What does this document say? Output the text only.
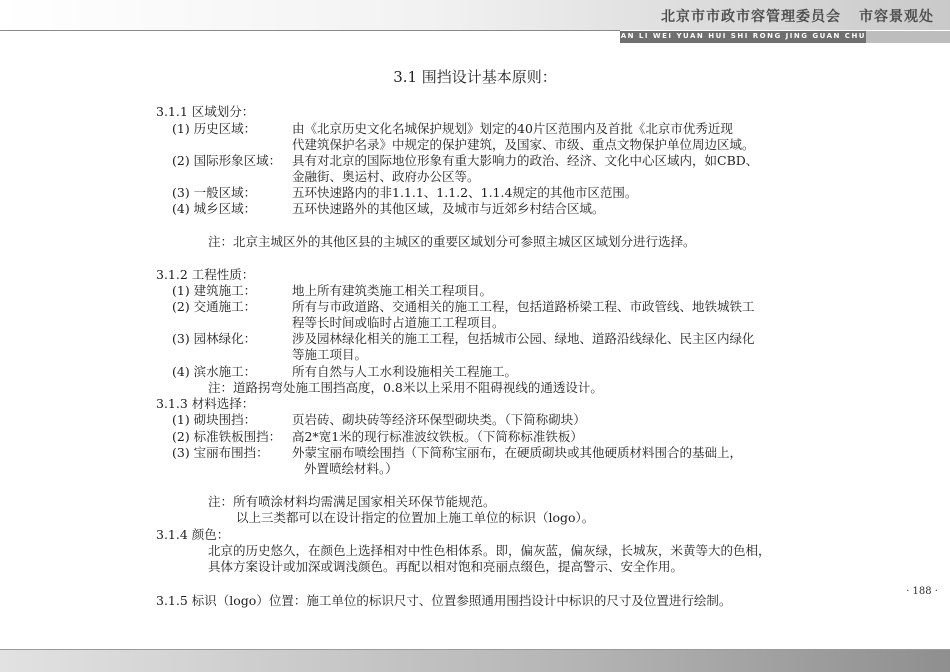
北京市市政市容管理委员会 市容景观处
BEI JING SHI SHI ZHENG SHI RONG GUAN LI WEI YUAN HUI SHI RONG JING GUAN CHU
3.1 围挡设计基本原则：
3.1.1 区域划分：
(1) 历史区域：	由《北京历史文化名城保护规划》划定的40片区范围内及首批《北京市优秀近现
代建筑保护名录》中规定的保护建筑，及国家、市级、重点文物保护单位周边区域。
(2) 国际形象区域： 具有对北京的国际地位形象有重大影响力的政治、经济、文化中心区域内，如CBD、
金融街、奥运村、政府办公区等。
(3) 一般区域：	五环快速路内的非1.1.1、1.1.2、1.1.4规定的其他市区范围。
(4) 城乡区域：	五环快速路外的其他区域，及城市与近郊乡村结合区域。
注：北京主城区外的其他区县的主城区的重要区域划分可参照主城区区域划分进行选择。
3.1.2 工程性质：
(1) 建筑施工：	地上所有建筑类施工相关工程项目。
(2) 交通施工：	所有与市政道路、交通相关的施工工程，包括道路桥梁工程、市政管线、地铁城铁工
程等长时间或临时占道施工工程项目。
(3) 园林绿化：	涉及园林绿化相关的施工工程，包括城市公园、绿地、道路沿线绿化、民主区内绿化
等施工项目。
(4) 滨水施工：	所有自然与人工水利设施相关工程施工。
注：道路拐弯处施工围挡高度，0.8米以上采用不阻碍视线的通透设计。
3.1.3 材料选择：
(1) 砌块围挡：	页岩砖、砌块砖等经济环保型砌块类。（下简称砌块）
(2) 标准铁板围挡： 高2*宽1米的现行标准波纹铁板。（下简称标准铁板）
(3) 宝丽布围挡： 外蒙宝丽布喷绘围挡（下简称宝丽布，在硬质砌块或其他硬质材料围合的基础上，
外置喷绘材料。）
注：所有喷涂材料均需满足国家相关环保节能规范。
以上三类都可以在设计指定的位置加上施工单位的标识（logo）。
3.1.4 颜色：
北京的历史悠久，在颜色上选择相对中性色相体系。即，偏灰蓝，偏灰绿，长城灰，米黄等大的色相，
具体方案设计或加深或调浅颜色。再配以相对饱和亮丽点缀色，提高警示、安全作用。
3.1.5 标识（logo）位置：施工单位的标识尺寸、位置参照通用围挡设计中标识的尺寸及位置进行绘制。
· 188 ·
